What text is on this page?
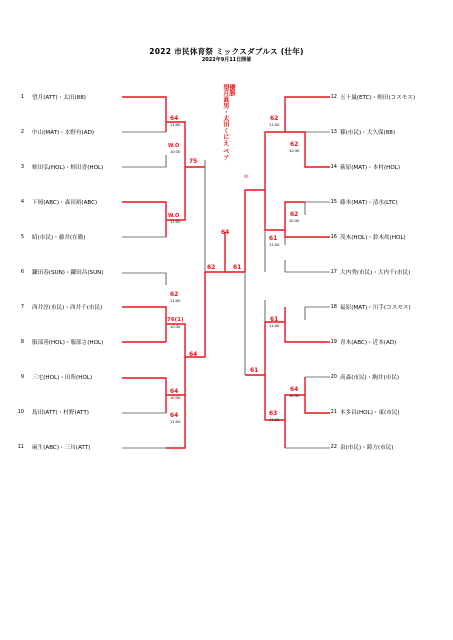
2022 市民体育祭 ミックスダブルス (壮年)
2022年9月11日開催
1 望月(ATT)・太田(88)
2 中山(MAT)・水野有(AD)
3 蛭田弘(HOL)・蛭田香(HOL)
4 下岡(ABC)・森田裕(ABC)
5 昭(市民)・藤井(在勤)
6 鎌田春(SUN)・鎌田昌(SUN)
7 西井淳(市民)・西井千(市民)
8 服部善(HOL)・服部さ(HOL)
9 三宅(HOL)・田所(HOL)
10 島田(ATT)・村野(ATT)
11 麻生(ABC)・三川(ATT)
12 五十嵐(ETC)・蛭田(コスモス)
13 篠(市民)・大久保(88)
14 萩原(MAT)・本村(HOL)
15 藤本(MAT)・清水(LTC)
16 茂木(HOL)・鈴木眞(HOL)
17 大内秀(市民)・大内千(市民)
18 福原(MAT)・川手(コスモス)
19 青木(ABC)・近本(AD)
20 高森(市民)・駒井(市民)
21 本多昌(HOL)・東(市民)
22 泉(市民)・鋳方(市民)
64
11:00
W.O
10:30
75
W.O
11:00
62
11:00
76(1)
10:30
64
64
10:30
64
11:00
62
64
62
11:00
62
10:30
62
10:30
61
11:00
61
11:00
64
10:30
63
11:00
61
61
W
優勝
望月眞男・太田くにえ ペア
